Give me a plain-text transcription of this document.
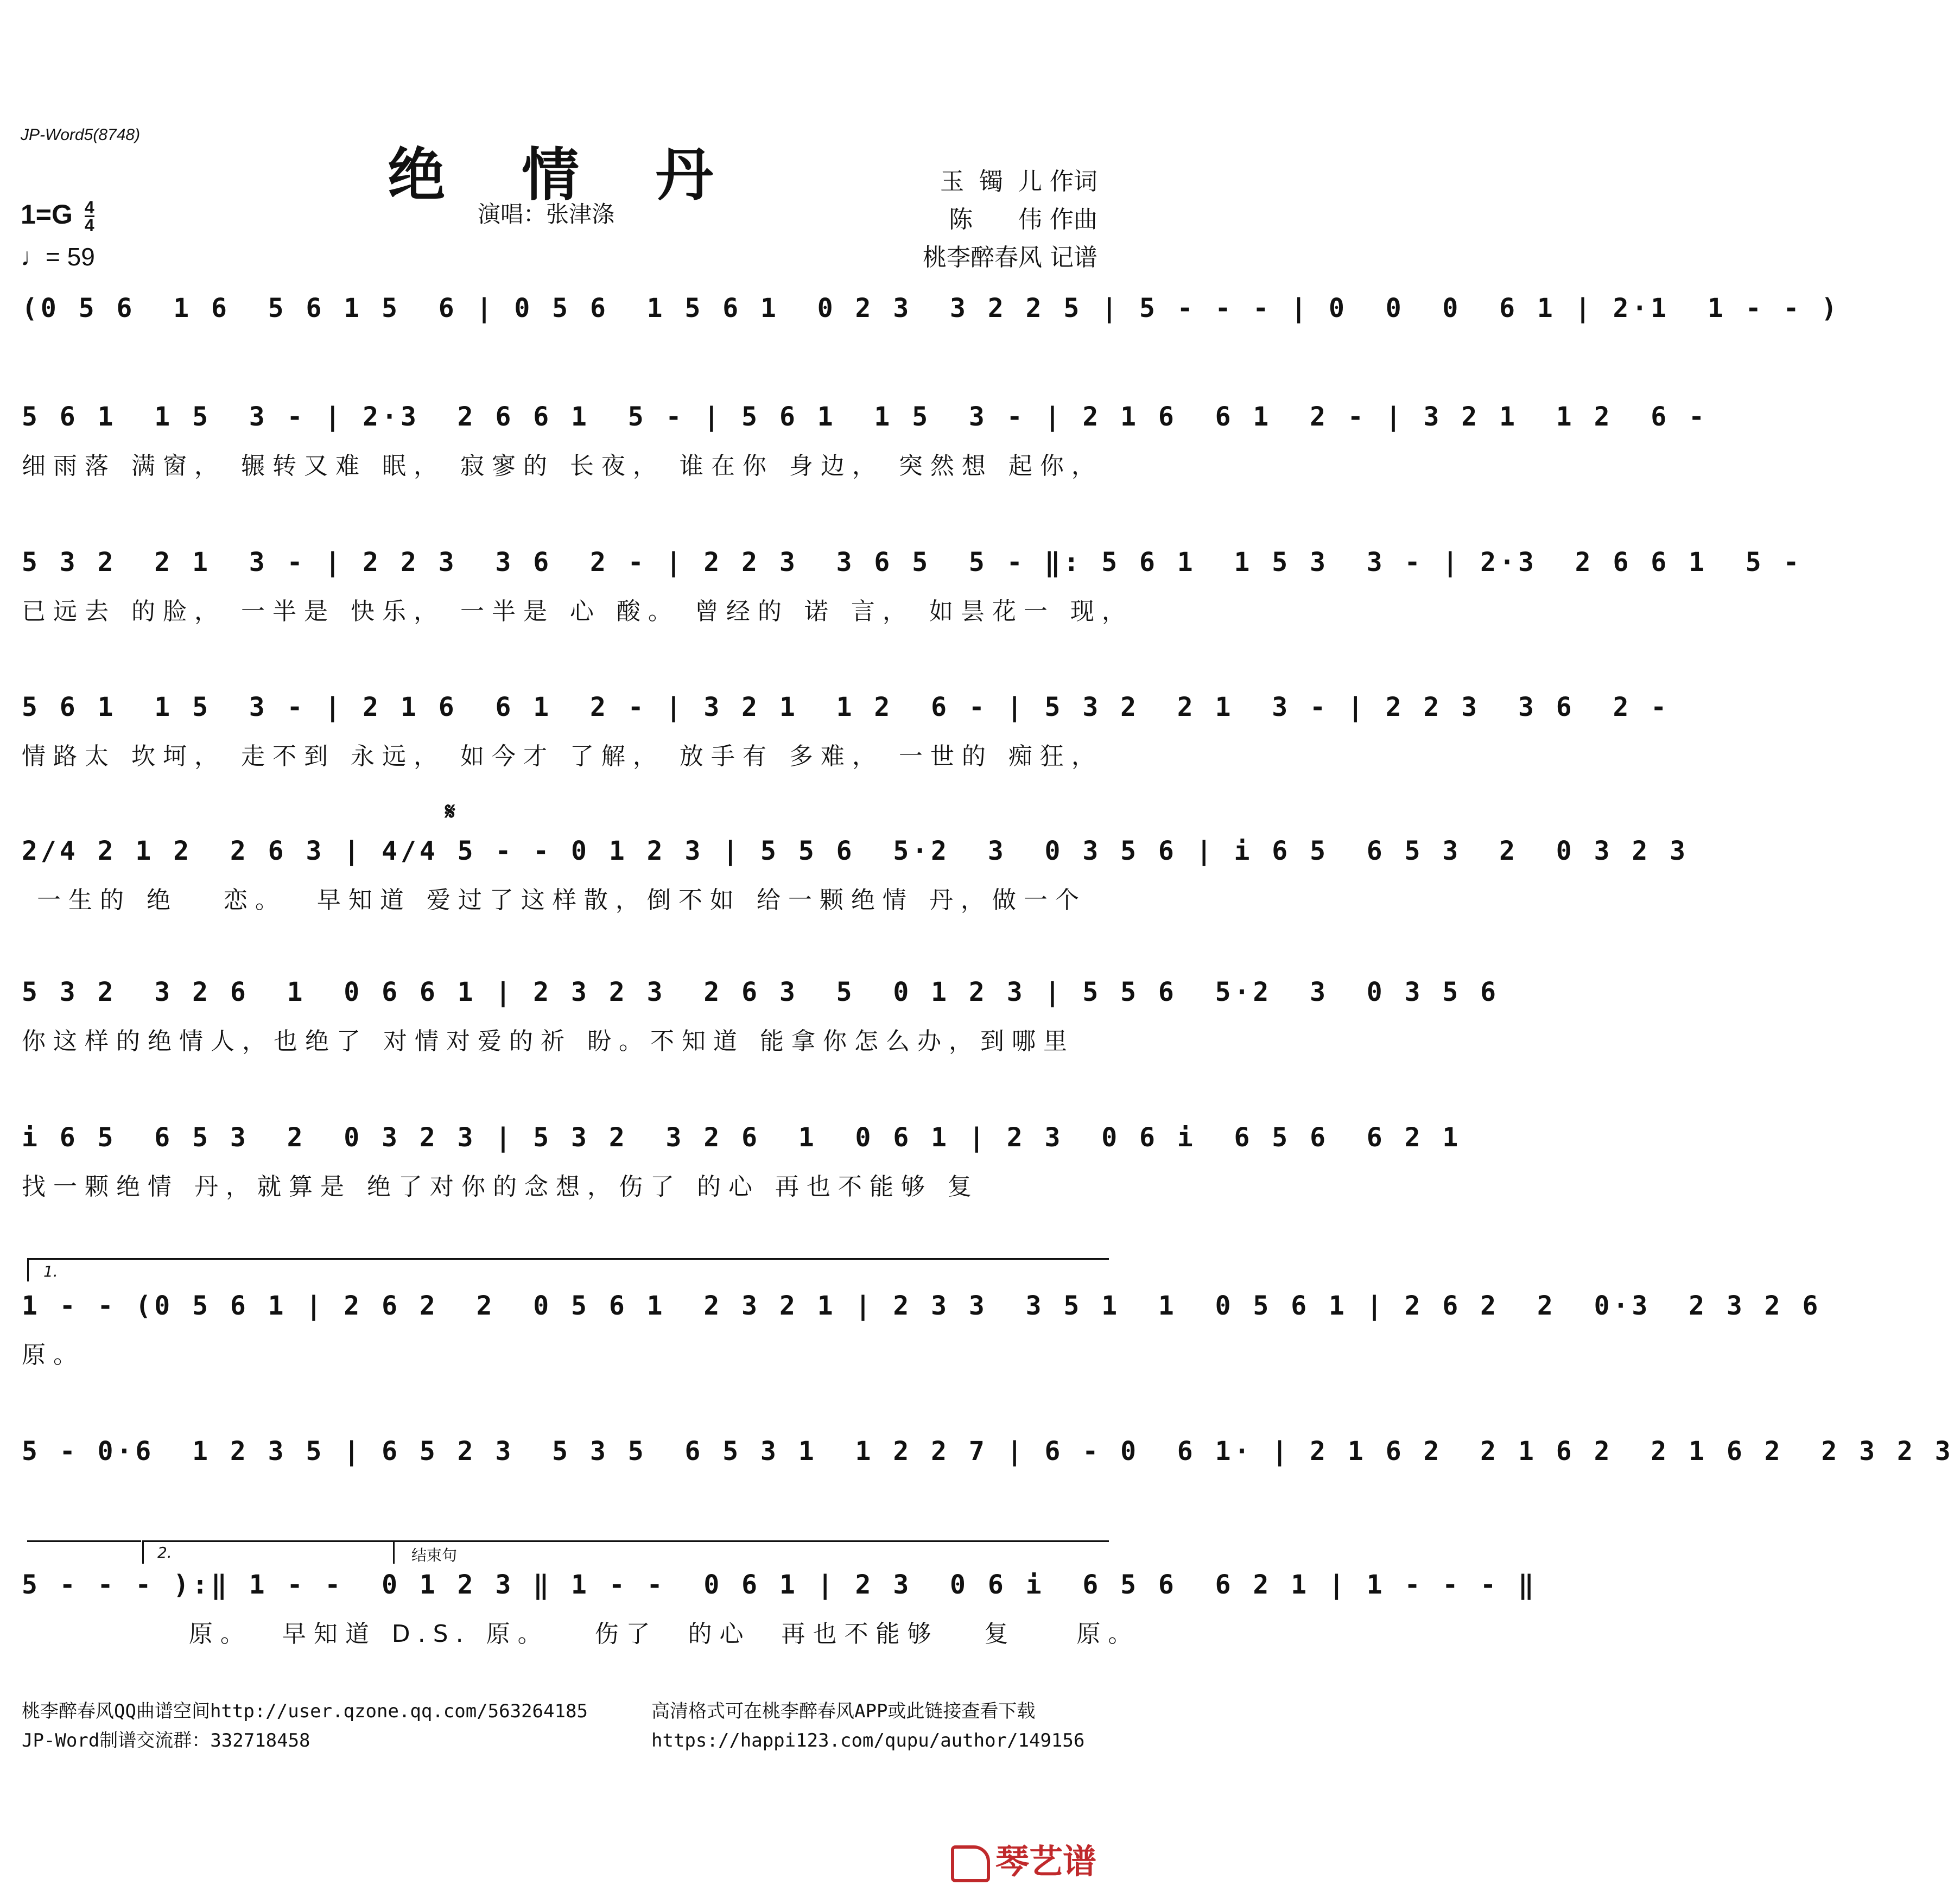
JP-Word5(8748)
绝 情 丹
演唱：张津涤
玉  镯  儿 作词
陈      伟 作曲
桃李醉春风 记谱
$1=G \frac{4}{4}$
♩= 59
(0 5 6  1 6  5 6 1 5  6 | 0 5 6  1 5 6 1  0 2 3  3 2 2 5 | 5 - - - | 0  0  0  6 1 | 2·1  1 - - )
5 6 1  1 5  3 - | 2·3  2 6 6 1  5 - | 5 6 1  1 5  3 - | 2 1 6  6 1  2 - | 3 2 1  1 2  6 -
细雨落 满窗， 辗转又难 眠， 寂寥的 长夜， 谁在你 身边， 突然想 起你，
5 3 2  2 1  3 - | 2 2 3  3 6  2 - | 2 2 3  3 6 5  5 - ‖: 5 6 1  1 5 3  3 - | 2·3  2 6 6 1  5 -
已远去 的脸， 一半是 快乐， 一半是 心 酸。 曾经的 诺 言， 如昙花一 现，
5 6 1  1 5  3 - | 2 1 6  6 1  2 - | 3 2 1  1 2  6 - | 5 3 2  2 1  3 - | 2 2 3  3 6  2 -
情路太 坎坷， 走不到 永远， 如今才 了解， 放手有 多难， 一世的 痴狂，
𝄋
2/4 2 1 2  2 6 3 | 4/4 5 - - 0 1 2 3 | 5 5 6  5·2  3  0 3 5 6 | i 6 5  6 5 3  2  0 3 2 3
一生的 绝   恋。  早知道 爱过了这样散，倒不如 给一颗绝情 丹，做一个
5 3 2  3 2 6  1  0 6 6 1 | 2 3 2 3  2 6 3  5  0 1 2 3 | 5 5 6  5·2  3  0 3 5 6
你这样的绝情人，也绝了 对情对爱的祈 盼。不知道 能拿你怎么办，到哪里
i 6 5  6 5 3  2  0 3 2 3 | 5 3 2  3 2 6  1  0 6 1 | 2 3  0 6 i  6 5 6  6 2 1
找一颗绝情 丹，就算是 绝了对你的念想，伤了 的心 再也不能够 复
1.
1 - - (0 5 6 1 | 2 6 2  2  0 5 6 1  2 3 2 1 | 2 3 3  3 5 1  1  0 5 6 1 | 2 6 2  2  0·3  2 3 2 6
原。
5 - 0·6  1 2 3 5 | 6 5 2 3  5 3 5  6 5 3 1  1 2 2 7 | 6 - 0  6 1· | 2 1 6 2  2 1 6 2  2 1 6 2  2 3 2 3
2.	结束句
5 - - - ):‖ 1 - -  0 1 2 3 ‖ 1 - -  0 6 1 | 2 3  0 6 i  6 5 6  6 2 1 | 1 - - - ‖
原。  早知道 D.S. 原。   伤了  的心  再也不能够   复    原。
桃李醉春风QQ曲谱空间http://user.qzone.qq.com/563264185
JP-Word制谱交流群：332718458
高清格式可在桃李醉春风APP或此链接查看下载
https://happi123.com/qupu/author/149156
琴艺谱
